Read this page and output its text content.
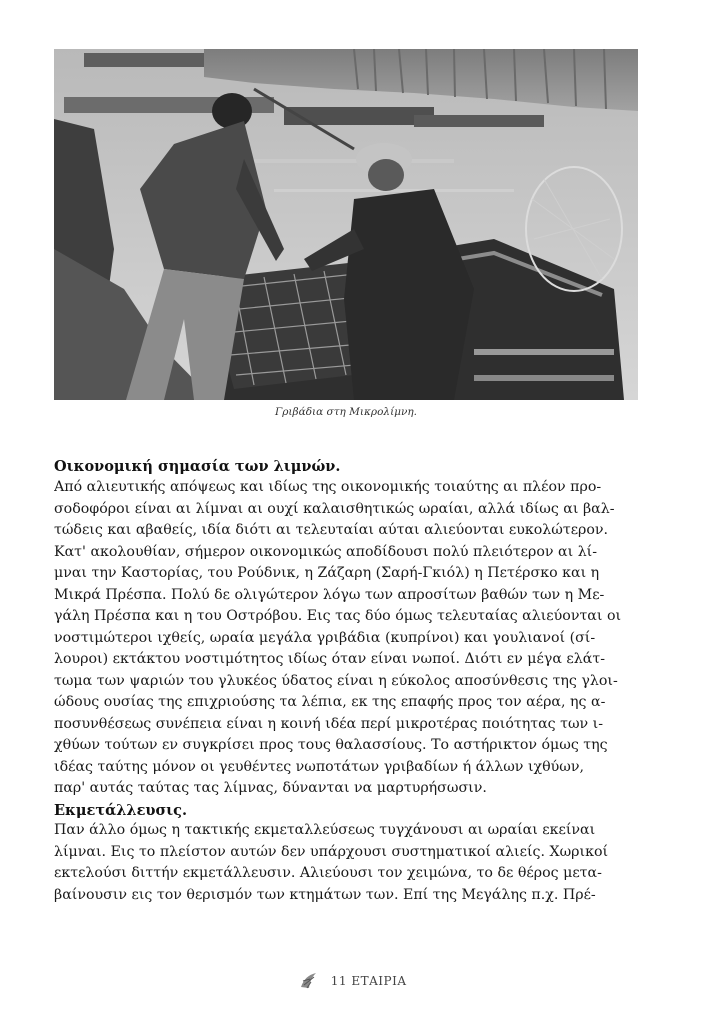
Γριβάδια στη Μικρολίμνη.
Οικονομική σημασία των λιμνών.
Από αλιευτικής απόψεως και ιδίως της οικονομικής τοιαύτης αι πλέον προ-
σοδοφόροι είναι αι λίμναι αι ουχί καλαισθητικώς ωραίαι, αλλά ιδίως αι βαλ-
τώδεις και αβαθείς, ιδία διότι αι τελευταίαι αύται αλιεύονται ευκολώτερον.
Κατ' ακολουθίαν, σήμερον οικονομικώς αποδίδουσι πολύ πλειότερον αι λί-
μναι την Καστορίας, του Ρούδνικ, η Ζάζαρη (Σαρή-Γκιόλ) η Πετέρσκο και η
Μικρά Πρέσπα. Πολύ δε ολιγώτερον λόγω των απροσίτων βαθών των η Με-
γάλη Πρέσπα και η του Οστρόβου. Εις τας δύο όμως τελευταίας αλιεύονται οι
νοστιμώτεροι ιχθείς, ωραία μεγάλα γριβάδια (κυπρίνοι) και γουλιανοί (σί-
λουροι) εκτάκτου νοστιμότητος ιδίως όταν είναι νωποί. Διότι εν μέγα ελάτ-
τωμα των ψαριών του γλυκέος ύδατος είναι η εύκολος αποσύνθεσις της γλοι-
ώδους ουσίας της επιχριούσης τα λέπια, εκ της επαφής προς τον αέρα, ης α-
ποσυνθέσεως συνέπεια είναι η κοινή ιδέα περί μικροτέρας ποιότητας των ι-
χθύων τούτων εν συγκρίσει προς τους θαλασσίους. Το αστήρικτον όμως της
ιδέας ταύτης μόνον οι γευθέντες νωποτάτων γριβαδίων ή άλλων ιχθύων,
παρ' αυτάς ταύτας τας λίμνας, δύνανται να μαρτυρήσωσιν.
Εκμετάλλευσις.
Παν άλλο όμως η τακτικής εκμεταλλεύσεως τυγχάνουσι αι ωραίαι εκείναι
λίμναι. Εις το πλείστον αυτών δεν υπάρχουσι συστηματικοί αλιείς. Χωρικοί
εκτελούσι διττήν εκμετάλλευσιν. Αλιεύουσι τον χειμώνα, το δε θέρος μετα-
βαίνουσιν εις τον θερισμόν των κτημάτων των. Επί της Μεγάλης π.χ. Πρέ-
11 ΕΤΑΙΡΙΑ
